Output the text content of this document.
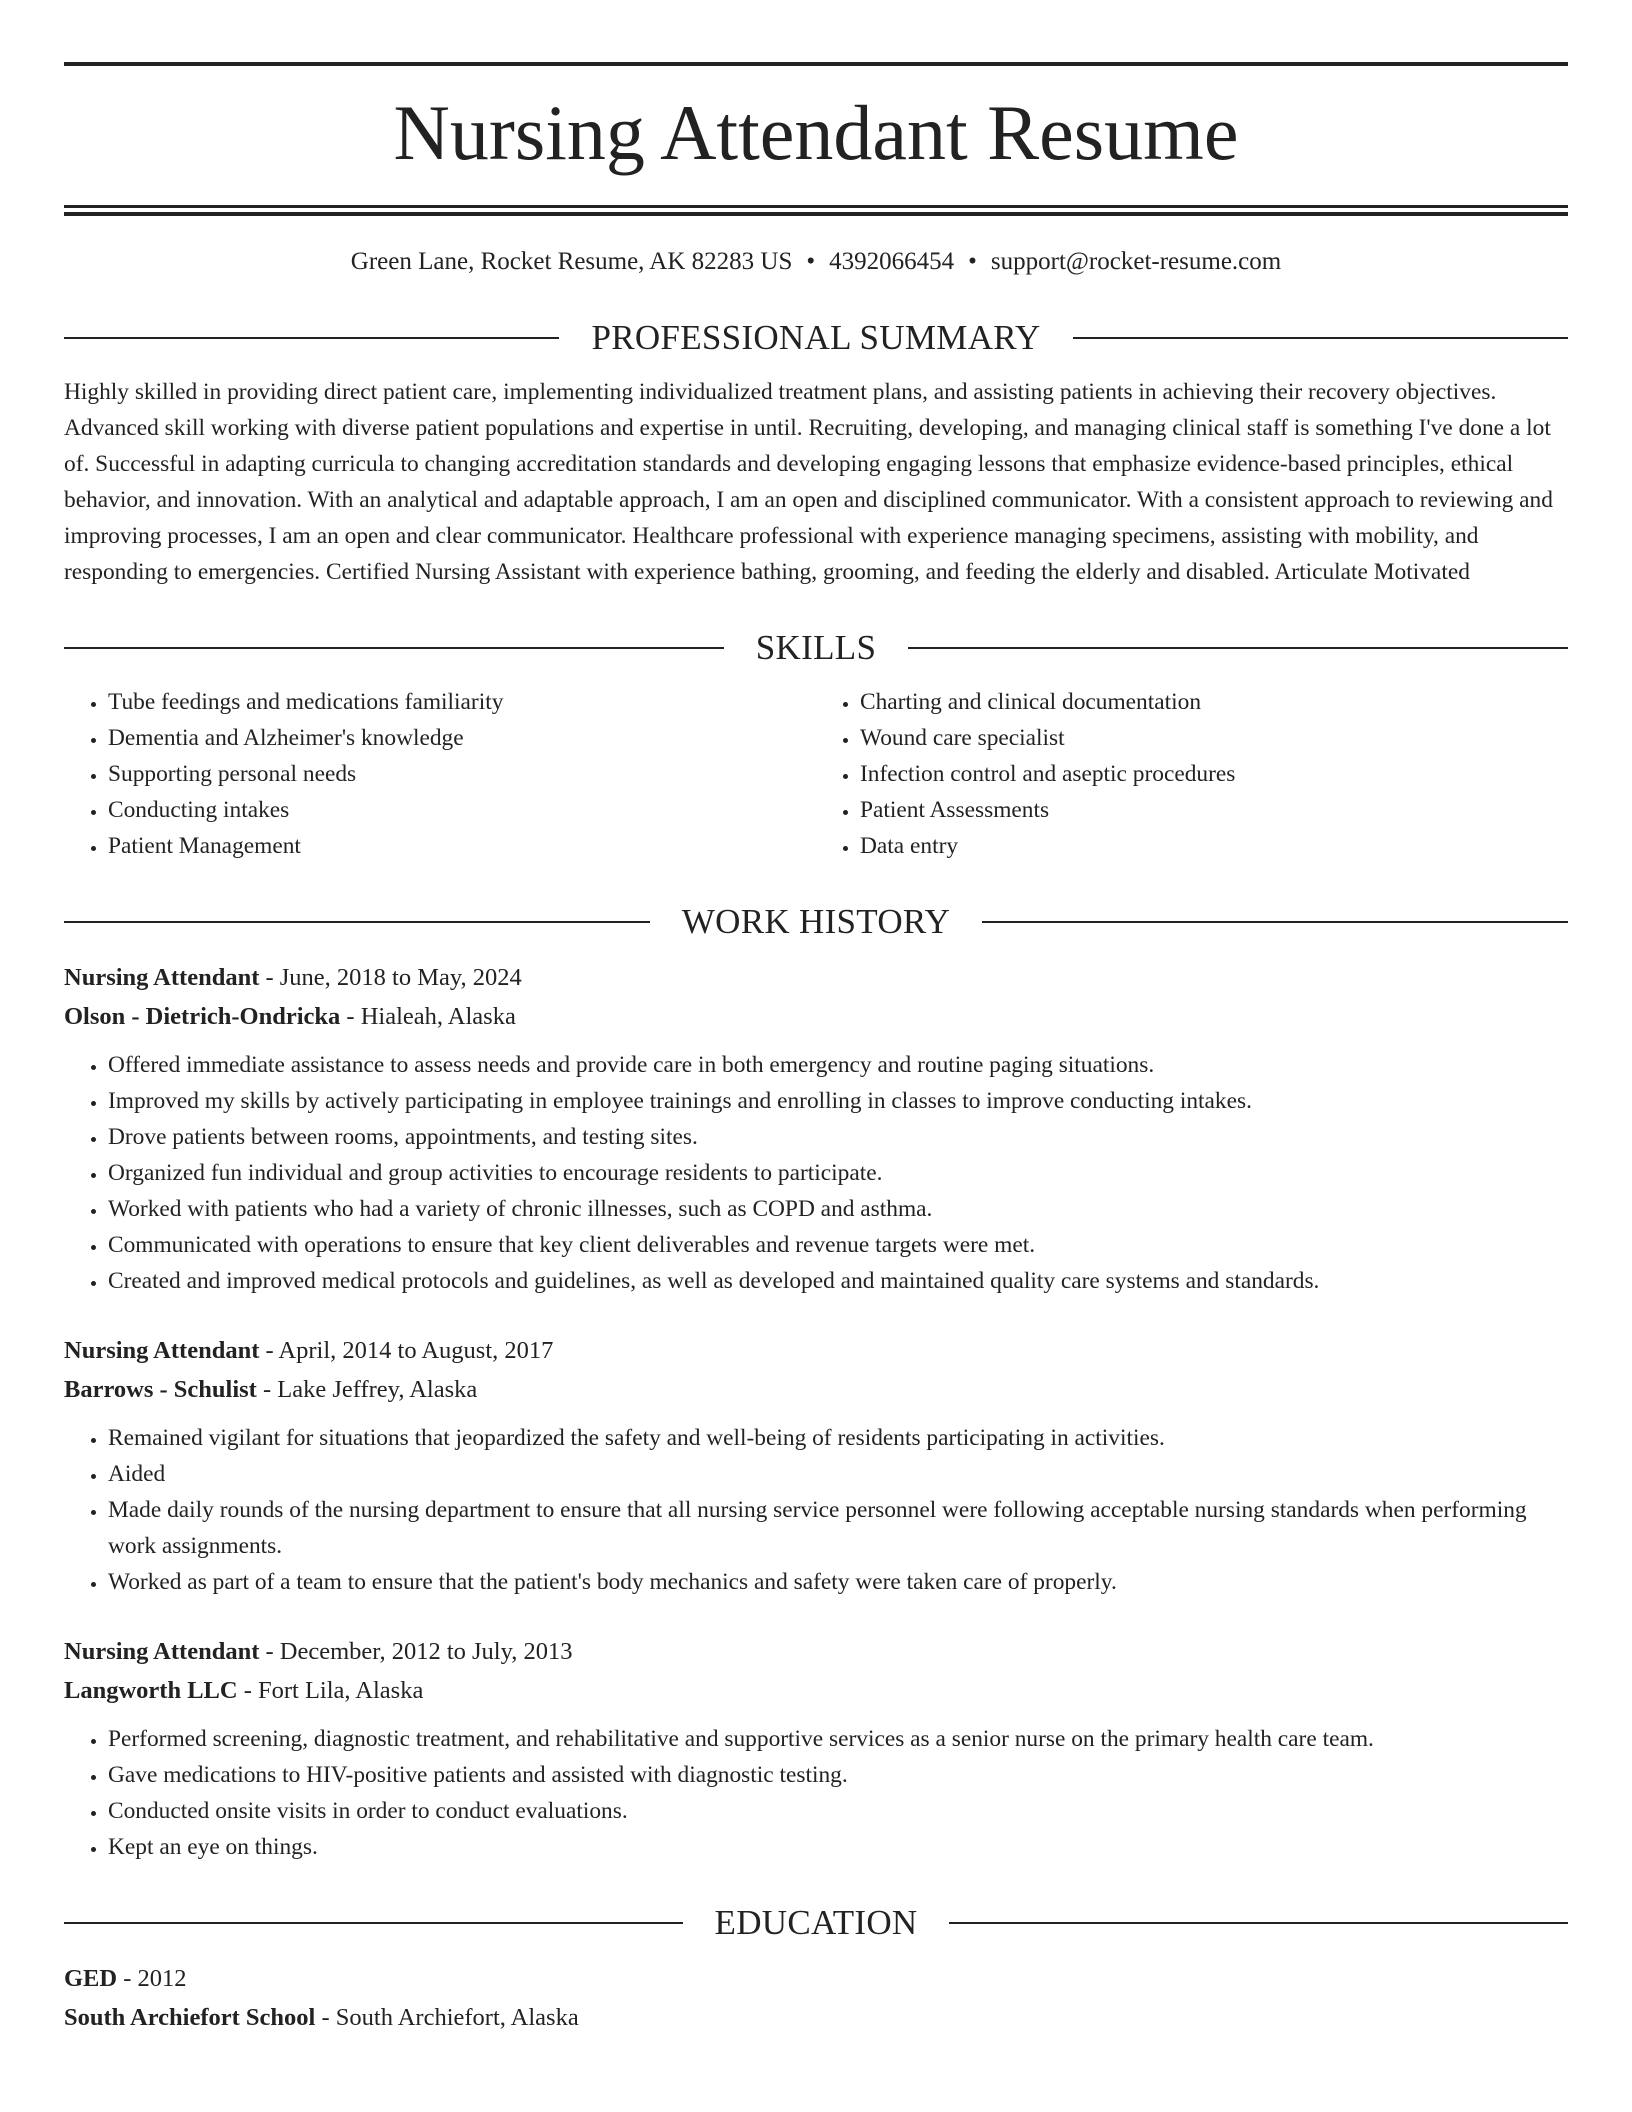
Nursing Attendant Resume
Green Lane, Rocket Resume, AK 82283 US • 4392066454 • support@rocket-resume.com
PROFESSIONAL SUMMARY

Highly skilled in providing direct patient care, implementing individualized treatment plans, and assisting patients in achieving their recovery objectives. Advanced skill working with diverse patient populations and expertise in until. Recruiting, developing, and managing clinical staff is something I've done a lot of. Successful in adapting curricula to changing accreditation standards and developing engaging lessons that emphasize evidence-based principles, ethical behavior, and innovation. With an analytical and adaptable approach, I am an open and disciplined communicator. With a consistent approach to reviewing and improving processes, I am an open and clear communicator. Healthcare professional with experience managing specimens, assisting with mobility, and responding to emergencies. Certified Nursing Assistant with experience bathing, grooming, and feeding the elderly and disabled. Articulate Motivated

SKILLS
• Tube feedings and medications familiarity
• Dementia and Alzheimer's knowledge
• Supporting personal needs
• Conducting intakes
• Patient Management
• Charting and clinical documentation
• Wound care specialist
• Infection control and aseptic procedures
• Patient Assessments
• Data entry
WORK HISTORY
Nursing Attendant - June, 2018 to May, 2024
Olson - Dietrich-Ondricka - Hialeah, Alaska
• Offered immediate assistance to assess needs and provide care in both emergency and routine paging situations.
• Improved my skills by actively participating in employee trainings and enrolling in classes to improve conducting intakes.
• Drove patients between rooms, appointments, and testing sites.
• Organized fun individual and group activities to encourage residents to participate.
• Worked with patients who had a variety of chronic illnesses, such as COPD and asthma.
• Communicated with operations to ensure that key client deliverables and revenue targets were met.
• Created and improved medical protocols and guidelines, as well as developed and maintained quality care systems and standards.
Nursing Attendant - April, 2014 to August, 2017
Barrows - Schulist - Lake Jeffrey, Alaska
• Remained vigilant for situations that jeopardized the safety and well-being of residents participating in activities.
• Aided
• Made daily rounds of the nursing department to ensure that all nursing service personnel were following acceptable nursing standards when performing work assignments.
• Worked as part of a team to ensure that the patient's body mechanics and safety were taken care of properly.
Nursing Attendant - December, 2012 to July, 2013
Langworth LLC - Fort Lila, Alaska
• Performed screening, diagnostic treatment, and rehabilitative and supportive services as a senior nurse on the primary health care team.
• Gave medications to HIV-positive patients and assisted with diagnostic testing.
• Conducted onsite visits in order to conduct evaluations.
• Kept an eye on things.
EDUCATION
GED - 2012
South Archiefort School - South Archiefort, Alaska
